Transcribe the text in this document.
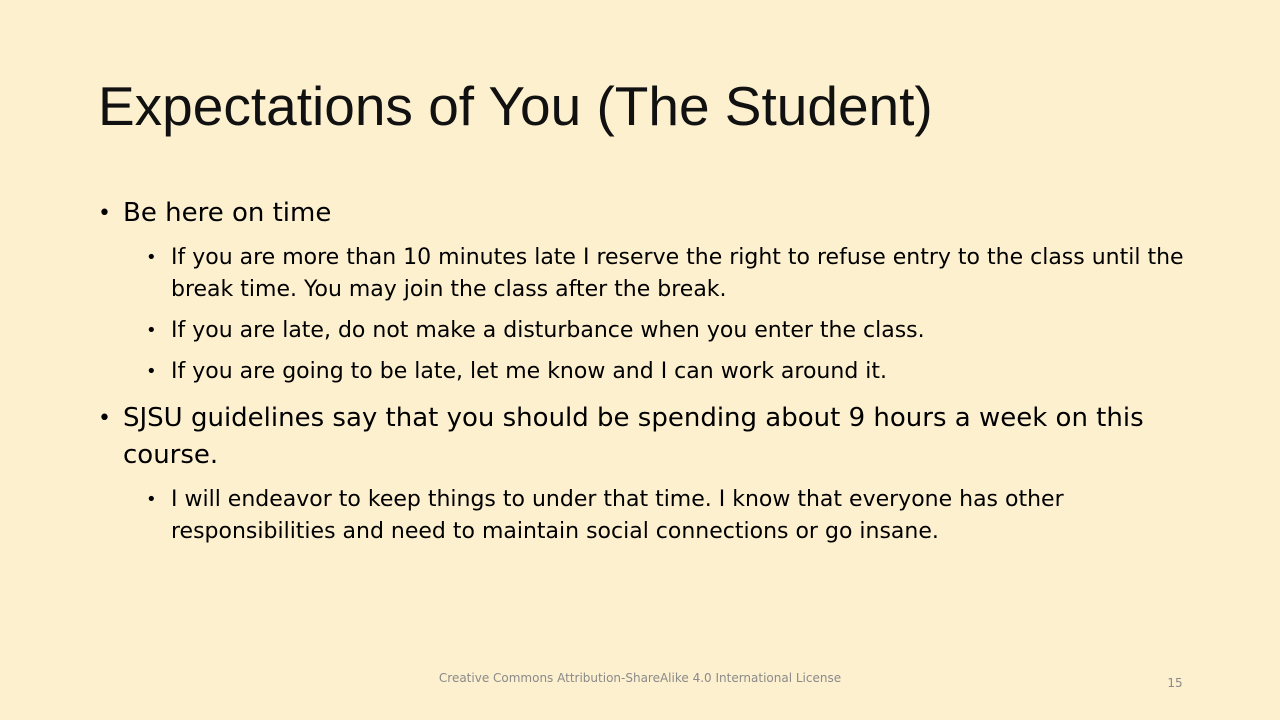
Expectations of You (The Student)
• Be here on time
• If you are more than 10 minutes late I reserve the right to refuse entry to the class until the break time. You may join the class after the break.
• If you are late, do not make a disturbance when you enter the class.
• If you are going to be late, let me know and I can work around it.
• SJSU guidelines say that you should be spending about 9 hours a week on this course.
• I will endeavor to keep things to under that time. I know that everyone has other responsibilities and need to maintain social connections or go insane.
Creative Commons Attribution-ShareAlike 4.0 International License	15
